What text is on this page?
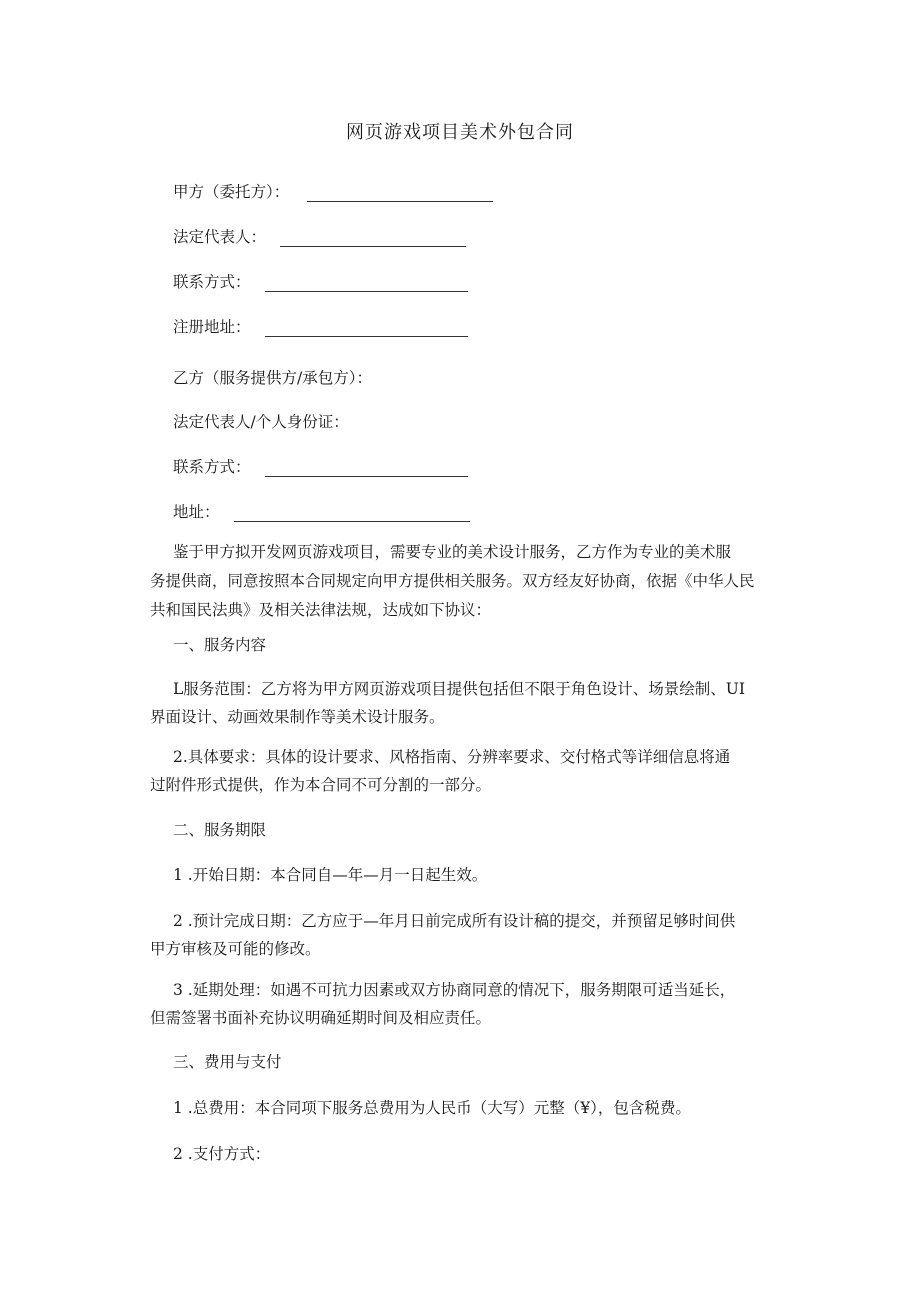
网页游戏项目美术外包合同
甲方（委托方）：
法定代表人：
联系方式：
注册地址：
乙方（服务提供方/承包方）：
法定代表人/个人身份证：
联系方式：
地址：
鉴于甲方拟开发网页游戏项目，需要专业的美术设计服务，乙方作为专业的美术服
务提供商，同意按照本合同规定向甲方提供相关服务。双方经友好协商，依据《中华人民
共和国民法典》及相关法律法规，达成如下协议：
一、服务内容
L服务范围：乙方将为甲方网页游戏项目提供包括但不限于角色设计、场景绘制、UI
界面设计、动画效果制作等美术设计服务。
2.具体要求：具体的设计要求、风格指南、分辨率要求、交付格式等详细信息将通
过附件形式提供，作为本合同不可分割的一部分。
二、服务期限
1 .开始日期：本合同自—年—月一日起生效。
2 .预计完成日期：乙方应于—年月日前完成所有设计稿的提交，并预留足够时间供
甲方审核及可能的修改。
3 .延期处理：如遇不可抗力因素或双方协商同意的情况下，服务期限可适当延长，
但需签署书面补充协议明确延期时间及相应责任。
三、费用与支付
1 .总费用：本合同项下服务总费用为人民币（大写）元整（¥），包含税费。
2 .支付方式：
